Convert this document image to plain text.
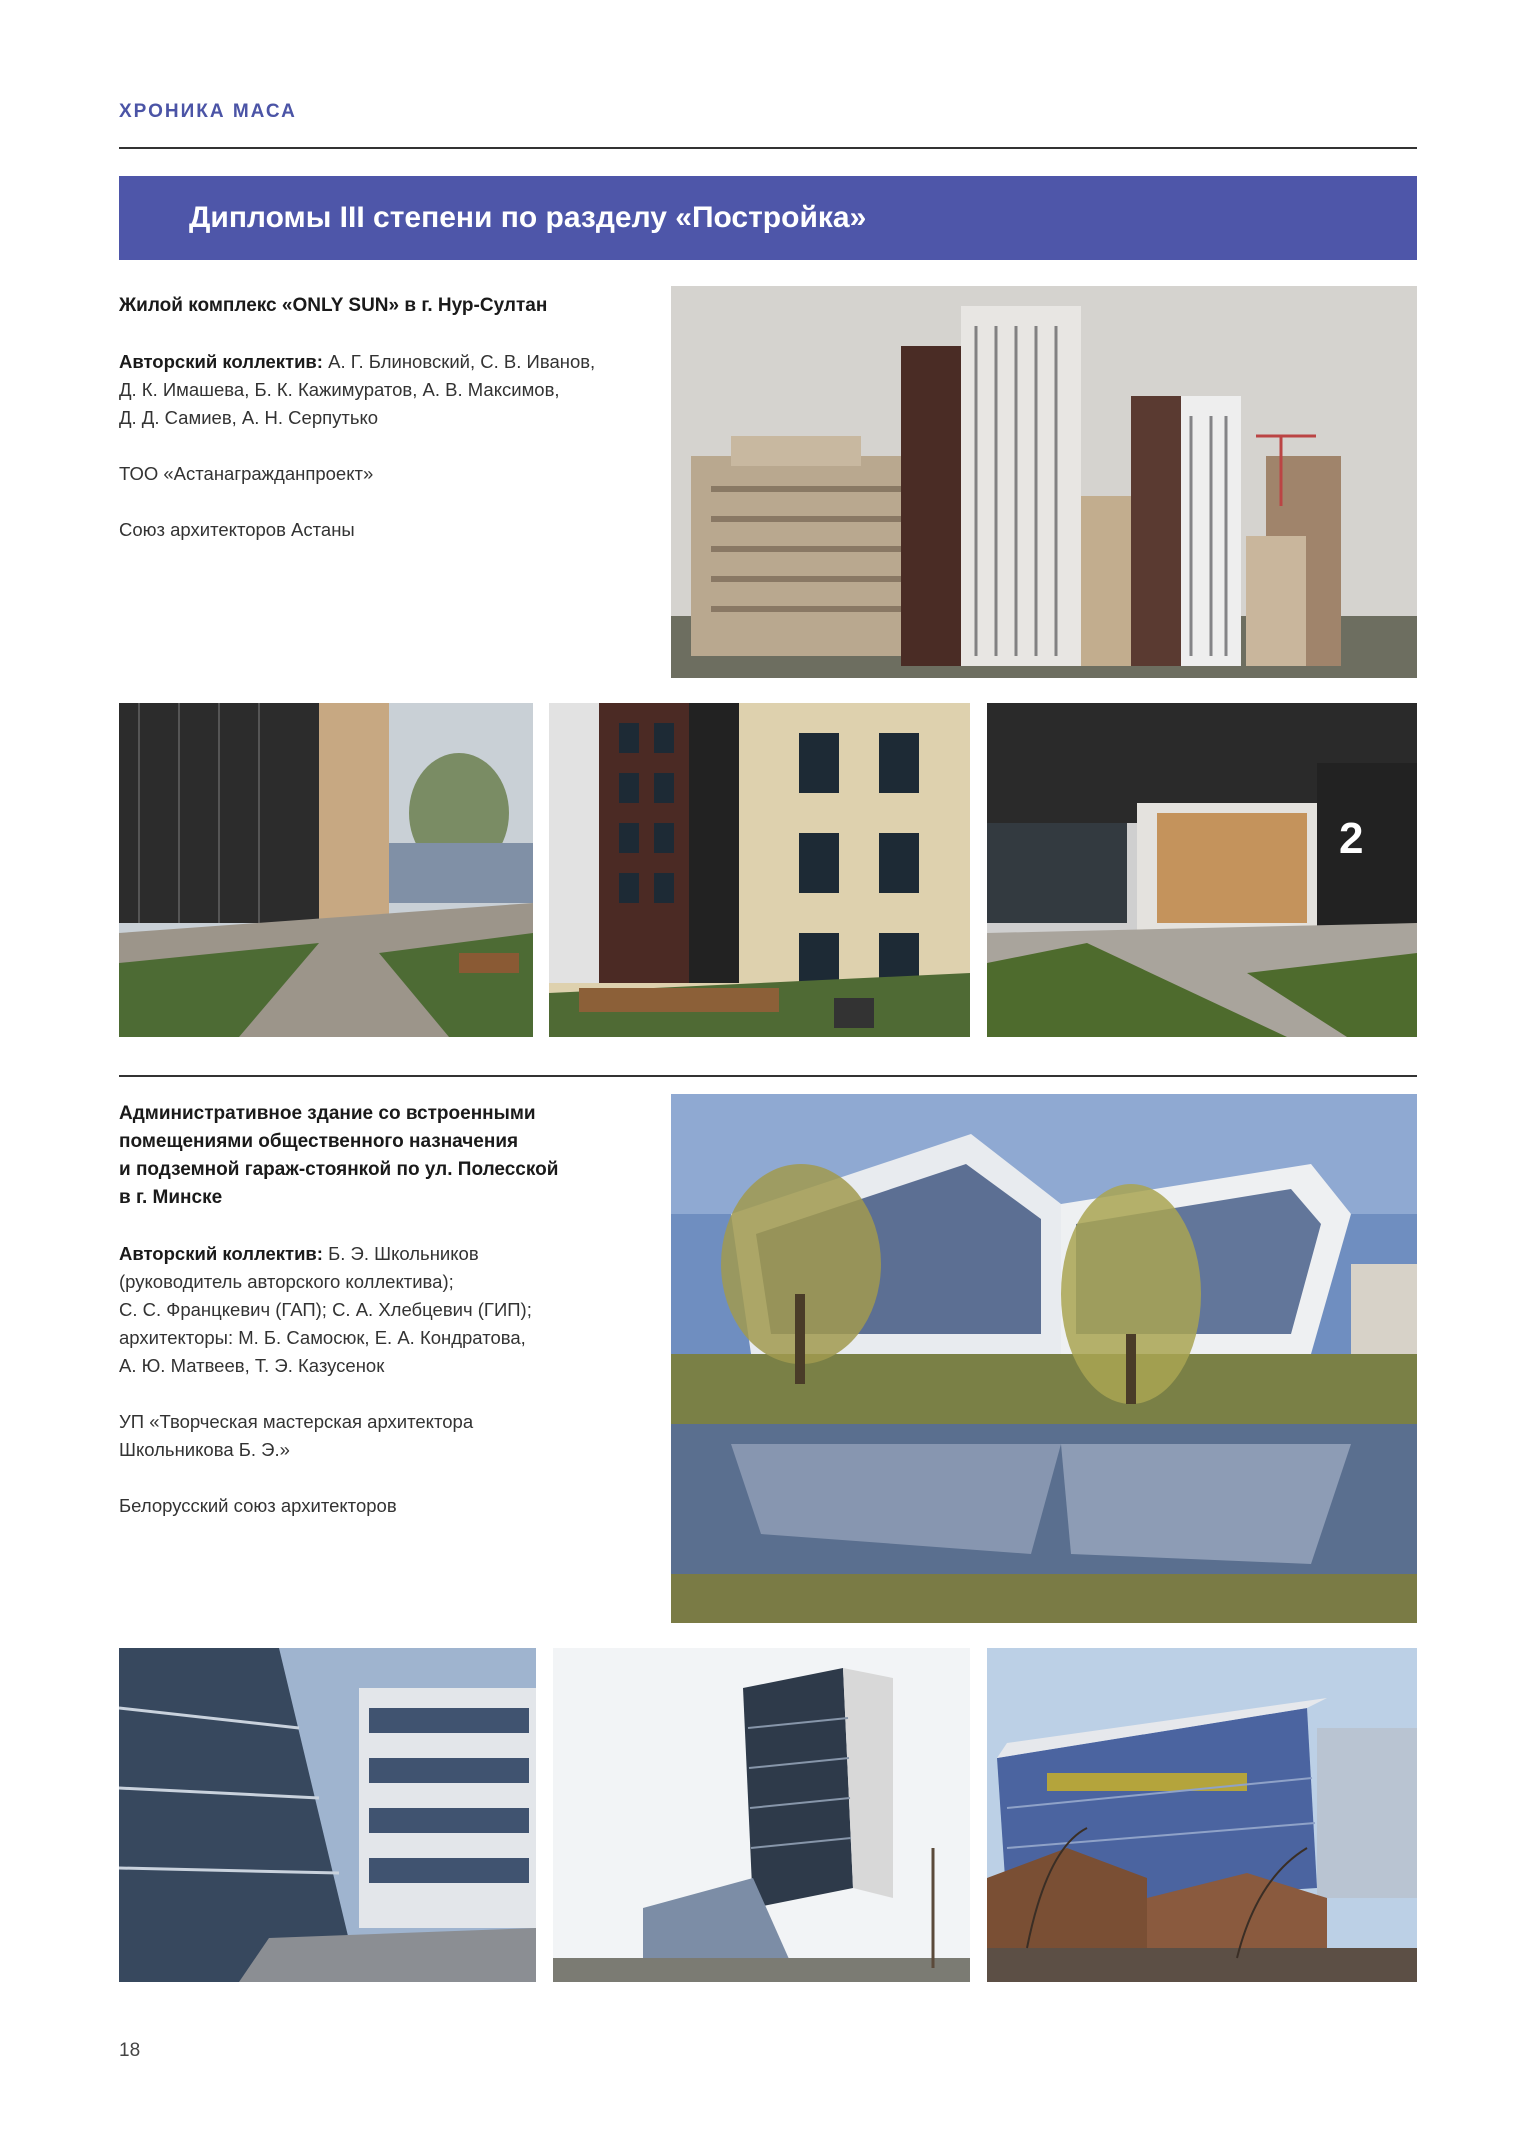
ХРОНИКА МАСА
Дипломы III степени по разделу «Постройка»
Жилой комплекс «ONLY SUN» в г. Нур-Султан
Авторский коллектив: А. Г. Блиновский, С. В. Иванов,
Д. К. Имашева, Б. К. Кажимуратов, А. В. Максимов,
Д. Д. Самиев, А. Н. Серпутько
ТОО «Астанагражданпроект»
Союз архитекторов Астаны
2
Административное здание со встроенными
помещениями общественного назначения
и подземной гараж-стоянкой по ул. Полесской
в г. Минске
Авторский коллектив: Б. Э. Школьников
(руководитель авторского коллектива);
С. С. Францкевич (ГАП); С. А. Хлебцевич (ГИП);
архитекторы: М. Б. Самосюк, Е. А. Кондратова,
А. Ю. Матвеев, Т. Э. Казусенок
УП «Творческая мастерская архитектора
Школьникова Б. Э.»
Белорусский союз архитекторов
18
